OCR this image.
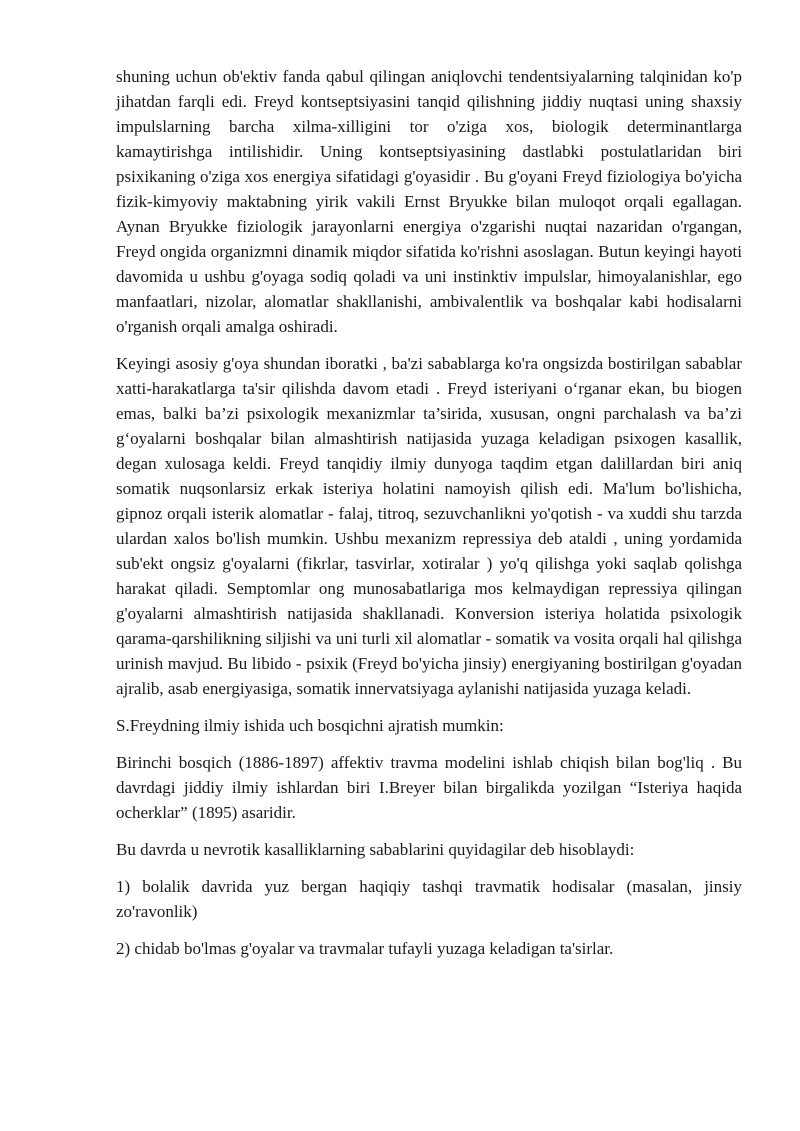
shuning uchun ob'ektiv fanda qabul qilingan aniqlovchi tendentsiyalarning talqinidan ko'p jihatdan farqli edi. Freyd kontseptsiyasini tanqid qilishning jiddiy nuqtasi uning shaxsiy impulslarning barcha xilma-xilligini tor o'ziga xos, biologik determinantlarga kamaytirishga intilishidir. Uning kontseptsiyasining dastlabki postulatlaridan biri psixikaning o'ziga xos energiya sifatidagi g'oyasidir . Bu g'oyani Freyd fiziologiya bo'yicha fizik-kimyoviy maktabning yirik vakili Ernst Bryukke bilan muloqot orqali egallagan. Aynan Bryukke fiziologik jarayonlarni energiya o'zgarishi nuqtai nazaridan o'rgangan, Freyd ongida organizmni dinamik miqdor sifatida ko'rishni asoslagan. Butun keyingi hayoti davomida u ushbu g'oyaga sodiq qoladi va uni instinktiv impulslar, himoyalanishlar, ego manfaatlari, nizolar, alomatlar shakllanishi, ambivalentlik va boshqalar kabi hodisalarni o'rganish orqali amalga oshiradi.

Keyingi asosiy g'oya shundan iboratki , ba'zi sabablarga ko'ra ongsizda bostirilgan sabablar xatti-harakatlarga ta'sir qilishda davom etadi . Freyd isteriyani o‘rganar ekan, bu biogen emas, balki ba’zi psixologik mexanizmlar ta’sirida, xususan, ongni parchalash va ba’zi g‘oyalarni boshqalar bilan almashtirish natijasida yuzaga keladigan psixogen kasallik, degan xulosaga keldi. Freyd tanqidiy ilmiy dunyoga taqdim etgan dalillardan biri aniq somatik nuqsonlarsiz erkak isteriya holatini namoyish qilish edi. Ma'lum bo'lishicha, gipnoz orqali isterik alomatlar - falaj, titroq, sezuvchanlikni yo'qotish - va xuddi shu tarzda ulardan xalos bo'lish mumkin. Ushbu mexanizm repressiya deb ataldi , uning yordamida sub'ekt ongsiz g'oyalarni (fikrlar, tasvirlar, xotiralar ) yo'q qilishga yoki saqlab qolishga harakat qiladi. Semptomlar ong munosabatlariga mos kelmaydigan repressiya qilingan g'oyalarni almashtirish natijasida shakllanadi. Konversion isteriya holatida psixologik qarama-qarshilikning siljishi va uni turli xil alomatlar - somatik va vosita orqali hal qilishga urinish mavjud. Bu libido - psixik (Freyd bo'yicha jinsiy) energiyaning bostirilgan g'oyadan ajralib, asab energiyasiga, somatik innervatsiyaga aylanishi natijasida yuzaga keladi.

S.Freydning ilmiy ishida uch bosqichni ajratish mumkin:

Birinchi bosqich (1886-1897) affektiv travma modelini ishlab chiqish bilan bog'liq . Bu davrdagi jiddiy ilmiy ishlardan biri I.Breyer bilan birgalikda yozilgan “Isteriya haqida ocherklar” (1895) asaridir.

Bu davrda u nevrotik kasalliklarning sabablarini quyidagilar deb hisoblaydi:

1) bolalik davrida yuz bergan haqiqiy tashqi travmatik hodisalar (masalan, jinsiy zo'ravonlik)

2) chidab bo'lmas g'oyalar va travmalar tufayli yuzaga keladigan ta'sirlar.
